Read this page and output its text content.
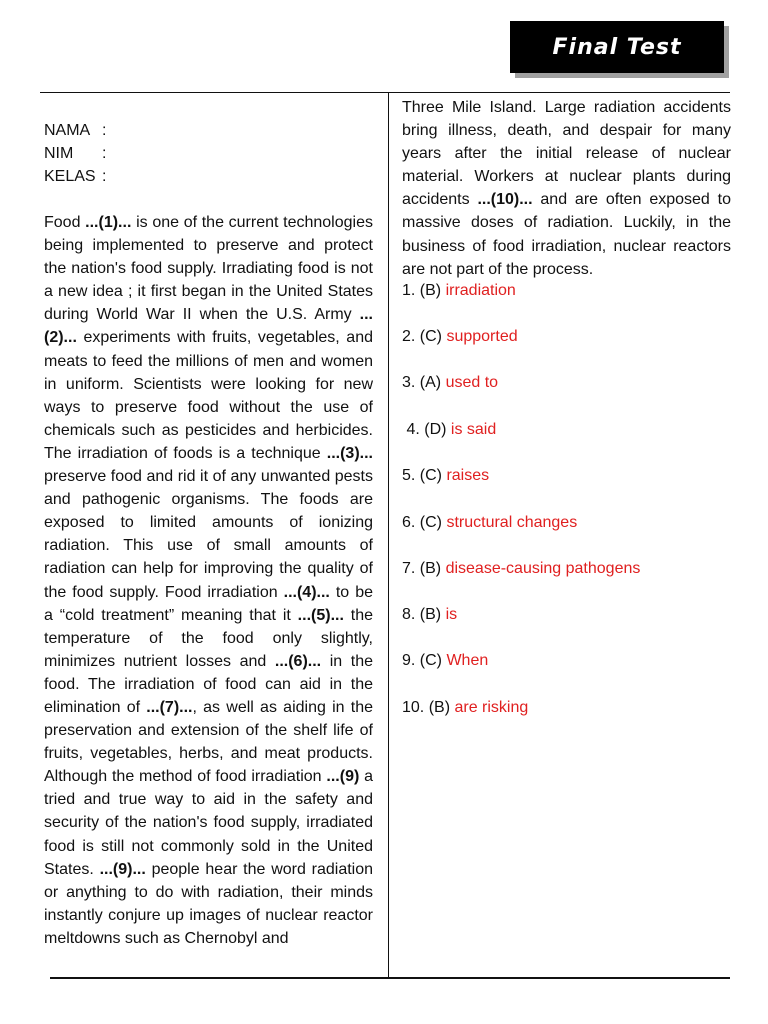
Final Test
NAMA :
NIM	:
KELAS :
Food ...(1)... is one of the current technologies being implemented to preserve and protect the nation's food supply. Irradiating food is not a new idea ; it first began in the United States during World War II when the U.S. Army ...(2)... experiments with fruits, vegetables, and meats to feed the millions of men and women in uniform. Scientists were looking for new ways to preserve food without the use of chemicals such as pesticides and herbicides. The irradiation of foods is a technique ...(3)... preserve food and rid it of any unwanted pests and pathogenic organisms. The foods are exposed to limited amounts of ionizing radiation. This use of small amounts of radiation can help for improving the quality of the food supply. Food irradiation ...(4)... to be a “cold treatment” meaning that it ...(5)... the temperature of the food only slightly, minimizes nutrient losses and ...(6)... in the food. The irradiation of food can aid in the elimination of ...(7)..., as well as aiding in the preservation and extension of the shelf life of fruits, vegetables, herbs, and meat products. Although the method of food irradiation ...(9) a tried and true way to aid in the safety and security of the nation's food supply, irradiated food is still not commonly sold in the United States. ...(9)... people hear the word radiation or anything to do with radiation, their minds instantly conjure up images of nuclear reactor meltdowns such as Chernobyl and
Three Mile Island. Large radiation accidents bring illness, death, and despair for many years after the initial release of nuclear material. Workers at nuclear plants during accidents ...(10)... and are often exposed to massive doses of radiation. Luckily, in the business of food irradiation, nuclear reactors are not part of the process.
1. (B) irradiation
2. (C) supported
3. (A) used to
4. (D) is said
5. (C) raises
6. (C) structural changes
7. (B) disease-causing pathogens
8. (B) is
9. (C) When
10. (B) are risking
